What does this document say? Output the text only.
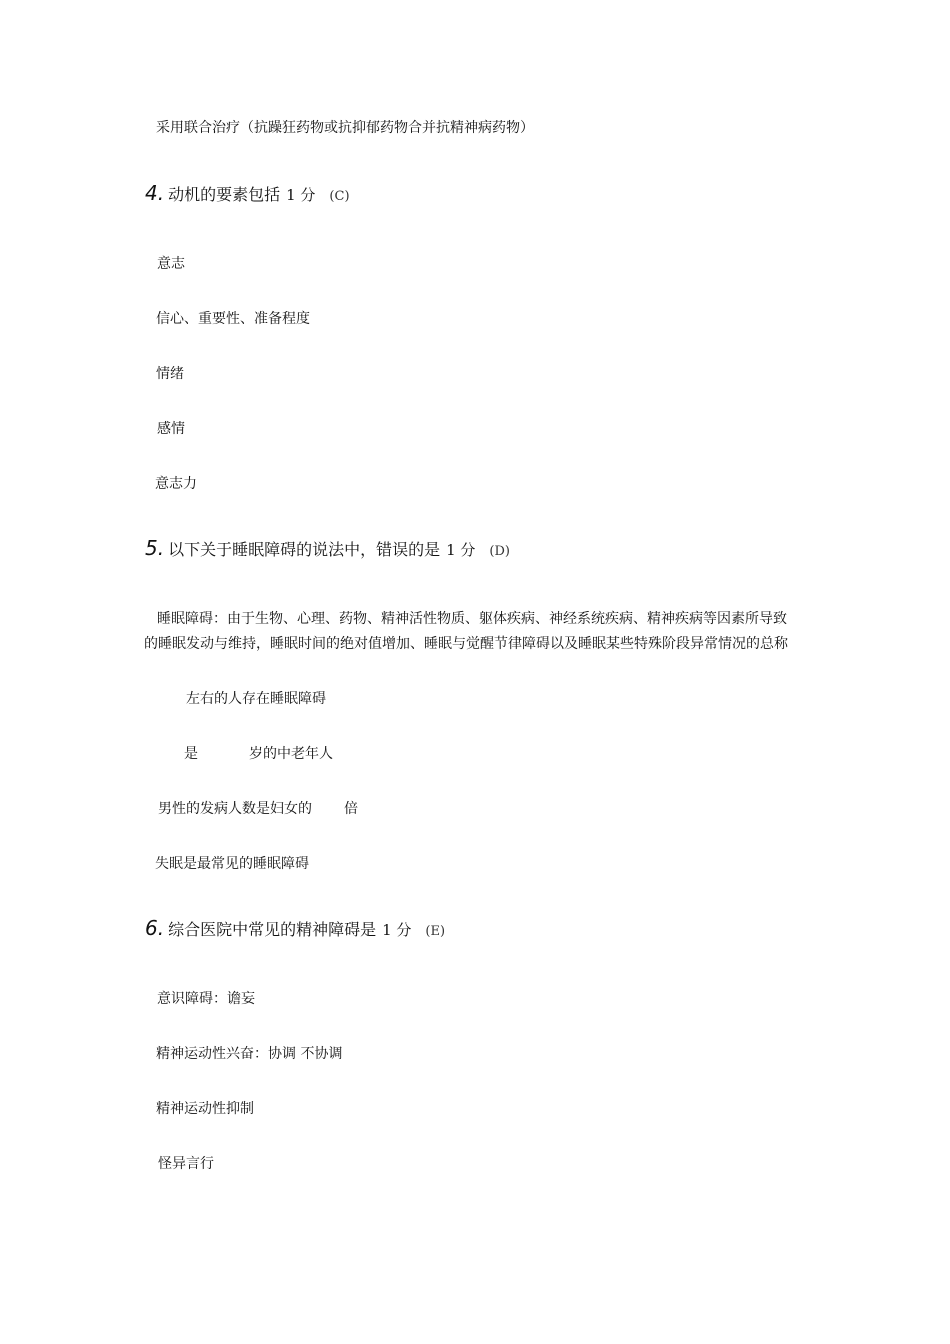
采用联合治疗（抗躁狂药物或抗抑郁药物合并抗精神病药物）
4. 动机的要素包括 1 分 (C)
意志
信心、重要性、准备程度
情绪
感情
意志力
5. 以下关于睡眠障碍的说法中，错误的是 1 分 (D)
睡眠障碍：由于生物、心理、药物、精神活性物质、躯体疾病、神经系统疾病、精神疾病等因素所导致
的睡眠发动与维持，睡眠时间的绝对值增加、睡眠与觉醒节律障碍以及睡眠某些特殊阶段异常情况的总称
左右的人存在睡眠障碍
是	岁的中老年人
男性的发病人数是妇女的 倍
失眠是最常见的睡眠障碍
6. 综合医院中常见的精神障碍是 1 分 (E)
意识障碍：谵妄
精神运动性兴奋：协调 不协调
精神运动性抑制
怪异言行
